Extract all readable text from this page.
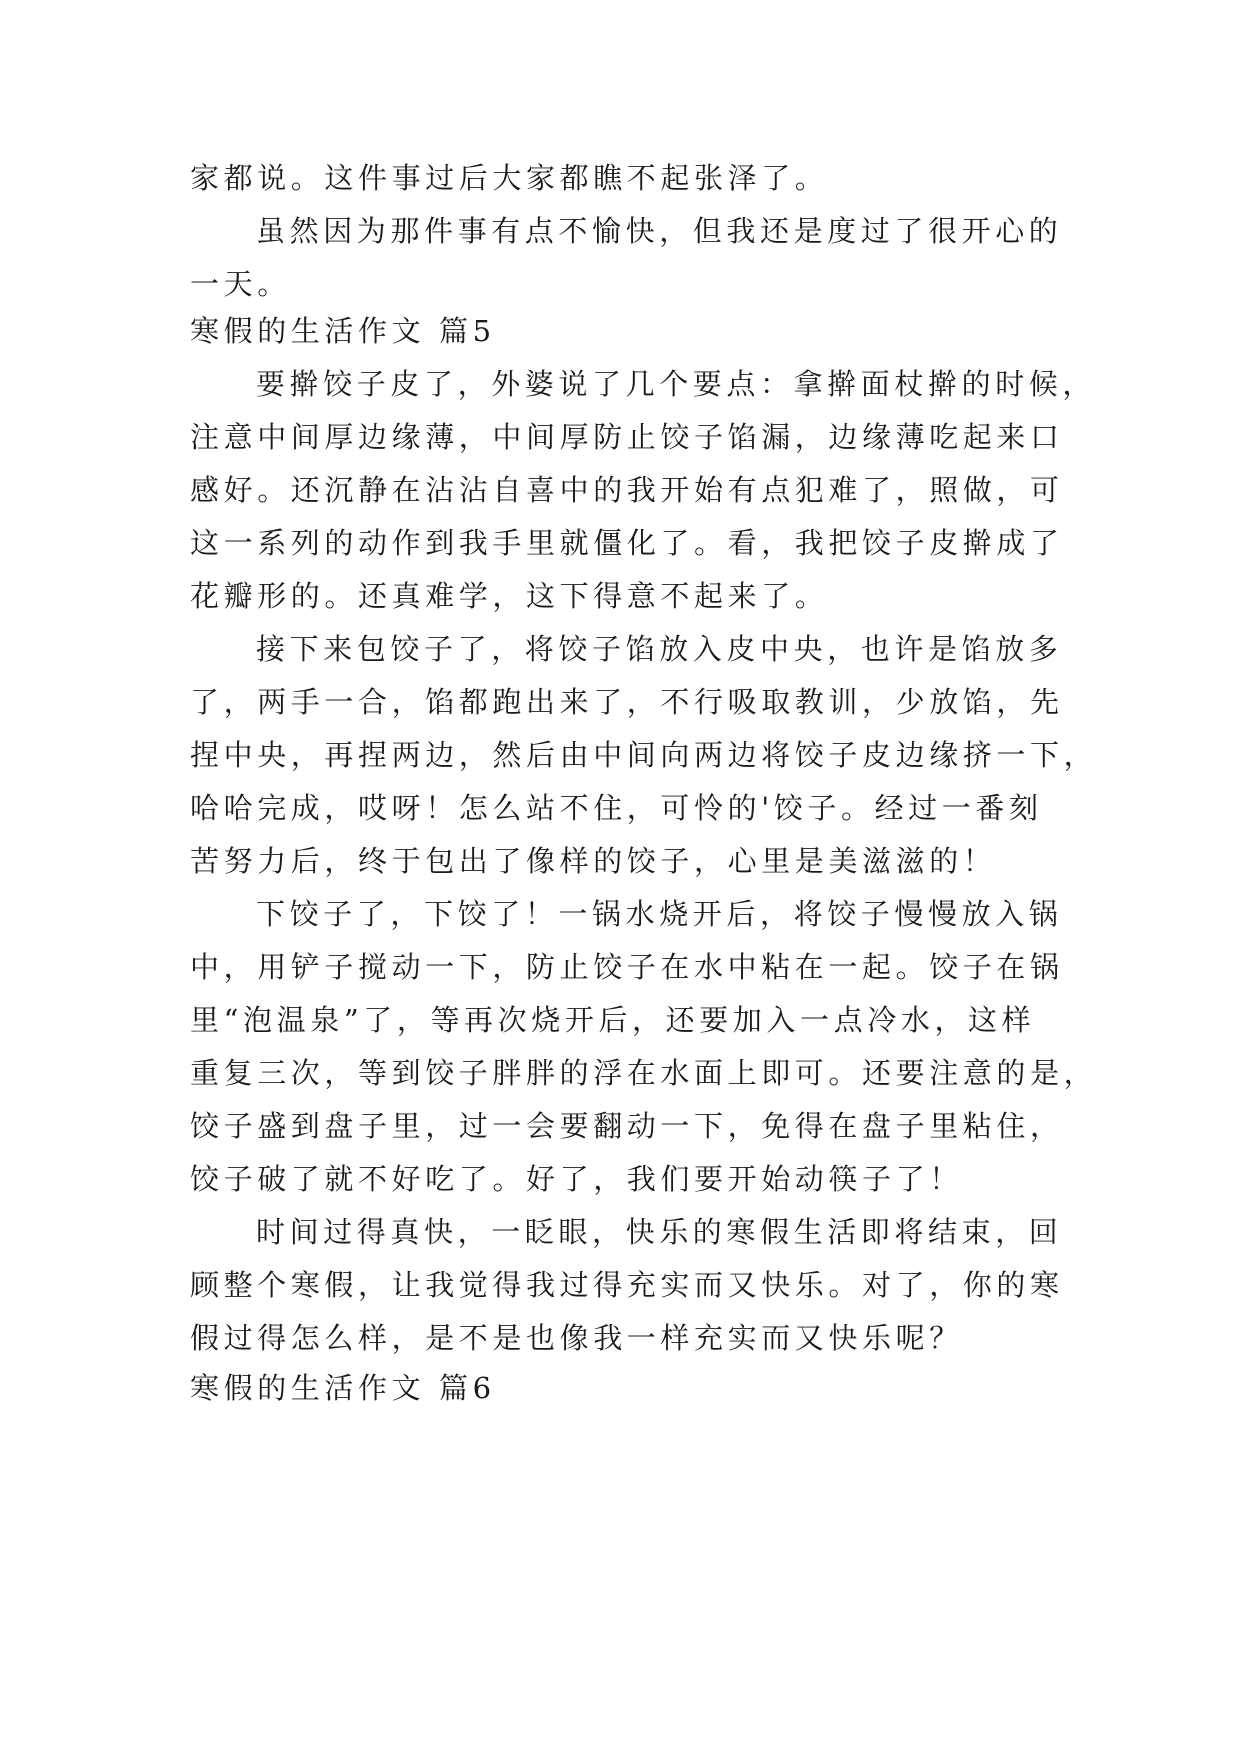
家都说。这件事过后大家都瞧不起张泽了。
虽然因为那件事有点不愉快，但我还是度过了很开心的
一天。
寒假的生活作文 篇5
要擀饺子皮了，外婆说了几个要点：拿擀面杖擀的时候，
注意中间厚边缘薄，中间厚防止饺子馅漏，边缘薄吃起来口
感好。还沉静在沾沾自喜中的我开始有点犯难了，照做，可
这一系列的动作到我手里就僵化了。看，我把饺子皮擀成了
花瓣形的。还真难学，这下得意不起来了。
接下来包饺子了，将饺子馅放入皮中央，也许是馅放多
了，两手一合，馅都跑出来了，不行吸取教训，少放馅，先
捏中央，再捏两边，然后由中间向两边将饺子皮边缘挤一下，
哈哈完成，哎呀！怎么站不住，可怜的'饺子。经过一番刻
苦努力后，终于包出了像样的饺子，心里是美滋滋的！
下饺子了，下饺了！一锅水烧开后，将饺子慢慢放入锅
中，用铲子搅动一下，防止饺子在水中粘在一起。饺子在锅
里“泡温泉”了，等再次烧开后，还要加入一点冷水，这样
重复三次，等到饺子胖胖的浮在水面上即可。还要注意的是，
饺子盛到盘子里，过一会要翻动一下，免得在盘子里粘住，
饺子破了就不好吃了。好了，我们要开始动筷子了！
时间过得真快，一眨眼，快乐的寒假生活即将结束，回
顾整个寒假，让我觉得我过得充实而又快乐。对了，你的寒
假过得怎么样，是不是也像我一样充实而又快乐呢？
寒假的生活作文 篇6
